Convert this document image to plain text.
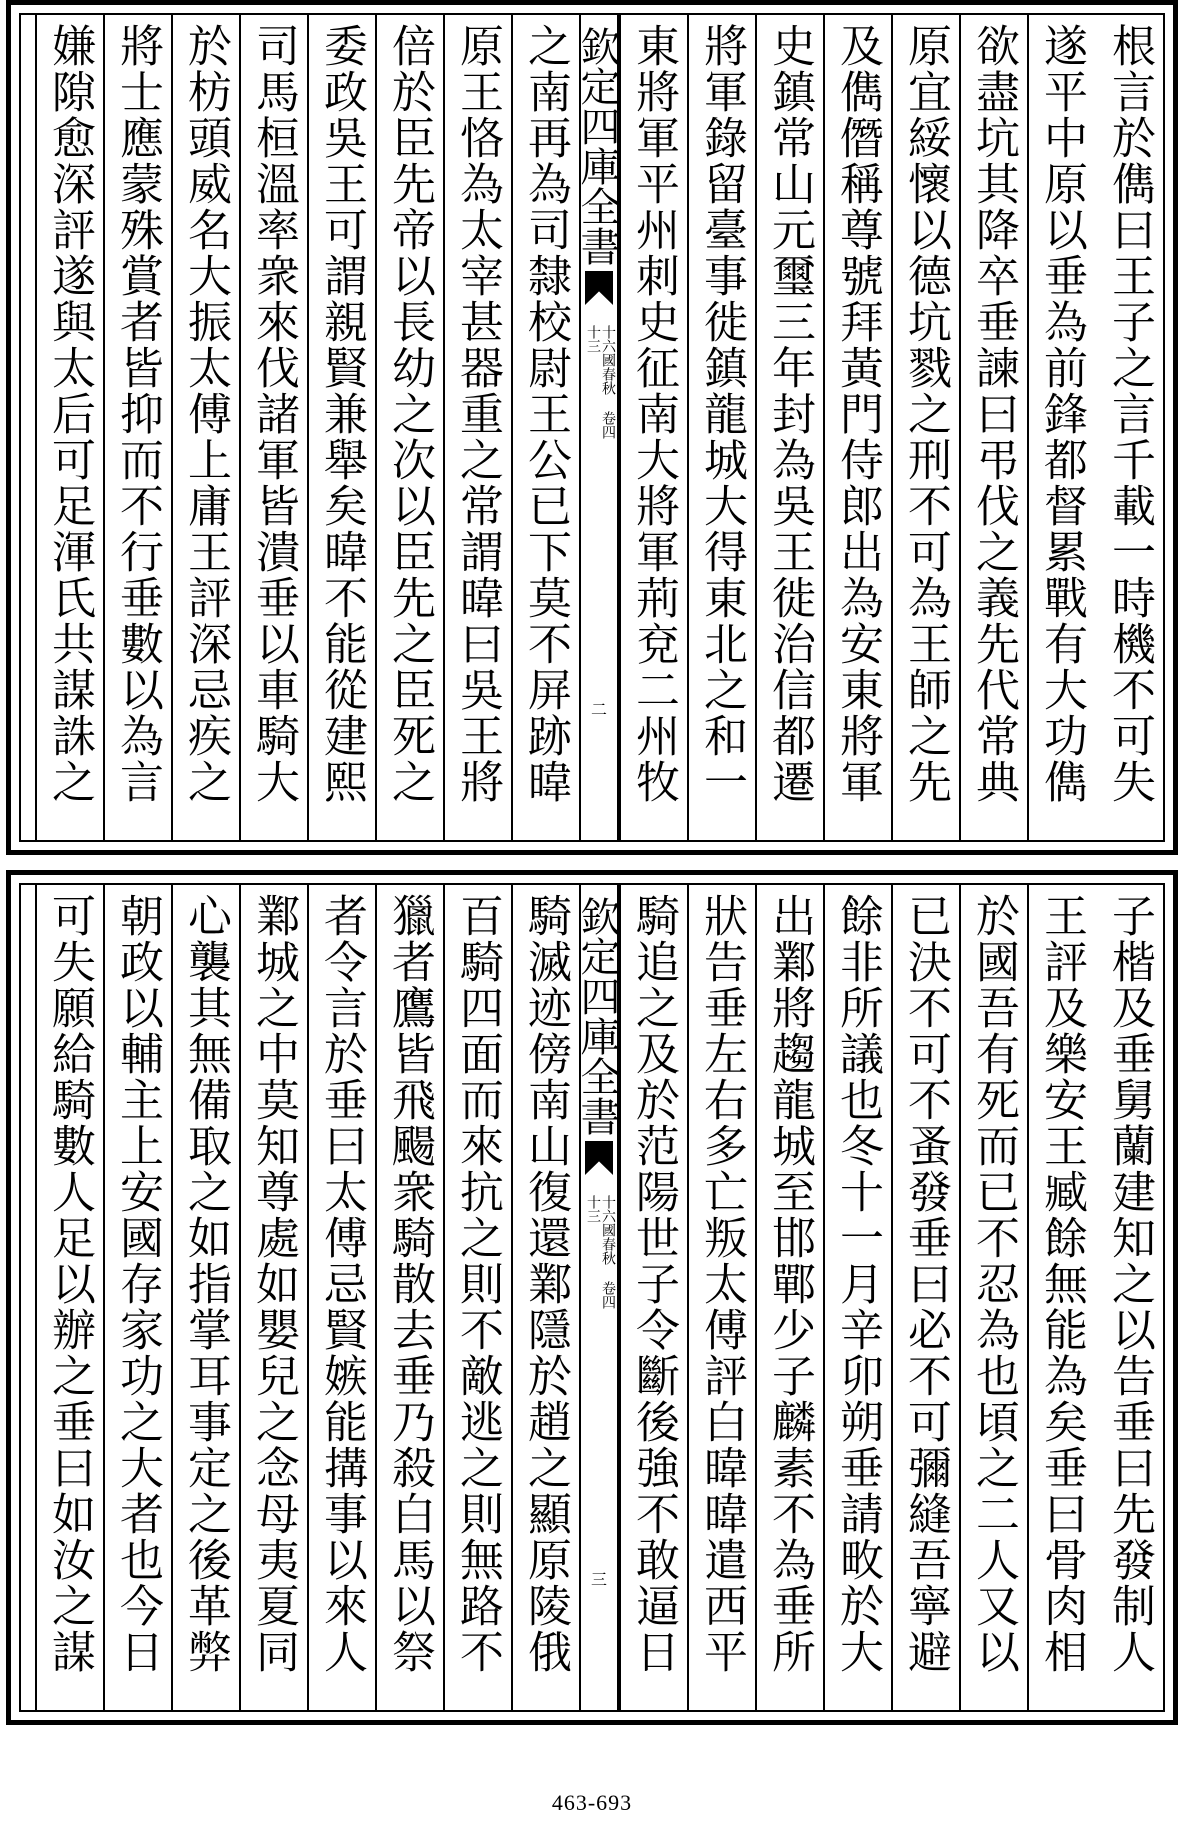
根言於儁曰王子之言千載一時機不可失
遂平中原以垂為前鋒都督累戰有大功儁
欲盡坑其降卒垂諫曰弔伐之義先代常典
原宜綏懷以德坑戮之刑不可為王師之先
及儁僭稱尊號拜黃門侍郎出為安東將軍
史鎮常山元璽三年封為吳王徙治信都遷
將軍錄留臺事徙鎮龍城大得東北之和一
東將軍平州刺史征南大將軍荊兗二州牧
欽定四庫全書
十六國春秋 卷四十三
二
之南再為司隸校尉王公已下莫不屏跡暐
原王恪為太宰甚器重之常謂暐曰吳王將
倍於臣先帝以長幼之次以臣先之臣死之
委政吳王可謂親賢兼舉矣暐不能從建熙
司馬桓溫率衆來伐諸軍皆潰垂以車騎大
於枋頭威名大振太傅上庸王評深忌疾之
將士應蒙殊賞者皆抑而不行垂數以為言
嫌隙愈深評遂與太后可足渾氏共謀誅之
子楷及垂舅蘭建知之以告垂曰先發制人
王評及樂安王臧餘無能為矣垂曰骨肉相
於國吾有死而已不忍為也頃之二人又以
已決不可不蚤發垂曰必不可彌縫吾寧避
餘非所議也冬十一月辛卯朔垂請畋於大
出鄴將趨龍城至邯鄲少子麟素不為垂所
狀告垂左右多亡叛太傅評白暐暐遣西平
騎追之及於范陽世子令斷後強不敢逼日
欽定四庫全書
十六國春秋 卷四十三
三
騎滅迹傍南山復還鄴隱於趙之顯原陵俄
百騎四面而來抗之則不敵逃之則無路不
獵者鷹皆飛颺衆騎散去垂乃殺白馬以祭
者令言於垂曰太傅忌賢嫉能搆事以來人
鄴城之中莫知尊處如嬰兒之念母夷夏同
心襲其無備取之如指掌耳事定之後革弊
朝政以輔主上安國存家功之大者也今日
可失願給騎數人足以辦之垂曰如汝之謀
463-693
